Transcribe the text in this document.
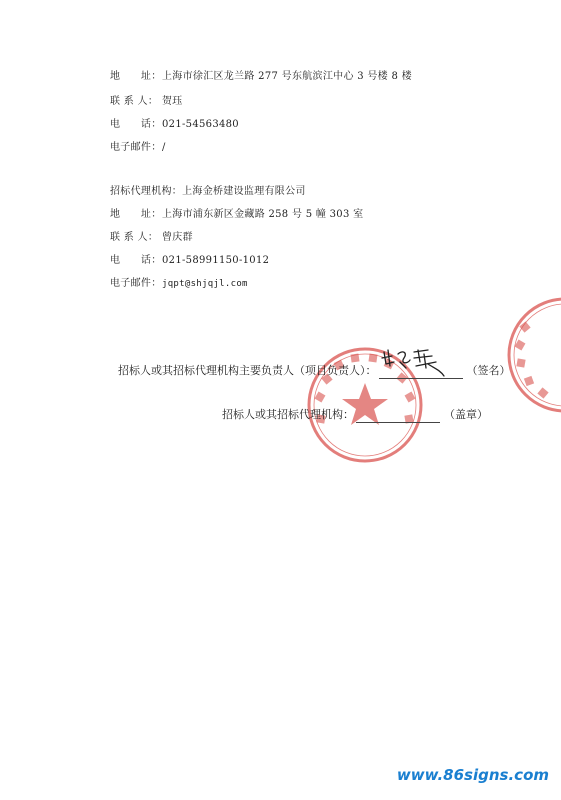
地　　址：上海市徐汇区龙兰路 277 号东航滨江中心 3 号楼 8 楼
联 系 人： 贺珏
电　　话：021-54563480
电子邮件：/
招标代理机构：上海金桥建设监理有限公司
地　　址：上海市浦东新区金藏路 258 号 5 幢 303 室
联 系 人： 曾庆群
电　　话：021-58991150-1012
电子邮件：jqpt@shjqjl.com
招标人或其招标代理机构主要负责人（项目负责人）：	（签名）
招标人或其招标代理机构：	（盖章）
www.86signs.com
